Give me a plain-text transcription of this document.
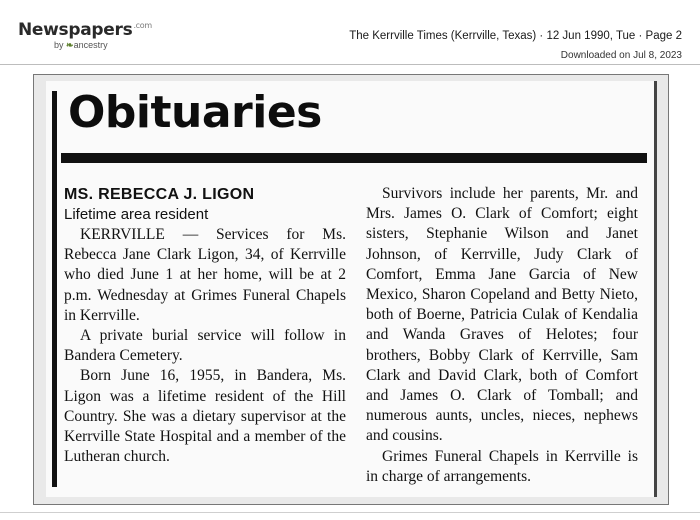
Newspapers$^{.com}$
by ❧ancestry
The Kerrville Times (Kerrville, Texas) · 12 Jun 1990, Tue · Page 2
Downloaded on Jul 8, 2023
Obituaries

MS. REBECCA J. LIGON

Lifetime area resident

KERRVILLE — Services for Ms. Rebecca Jane Clark Ligon, 34, of Kerrville who died June 1 at her home, will be at 2 p.m. Wednesday at Grimes Funeral Chapels in Kerrville.

A private burial service will follow in Bandera Cemetery.

Born June 16, 1955, in Bandera, Ms. Ligon was a lifetime resident of the Hill Country. She was a dietary supervisor at the Kerrville State Hospital and a member of the Lutheran church.

Survivors include her parents, Mr. and Mrs. James O. Clark of Comfort; eight sisters, Stephanie Wilson and Janet Johnson, of Kerrville, Judy Clark of Comfort, Emma Jane Garcia of New Mexico, Sharon Copeland and Betty Nieto, both of Boerne, Patricia Culak of Kendalia and Wanda Graves of Helotes; four brothers, Bobby Clark of Kerrville, Sam Clark and David Clark, both of Comfort and James O. Clark of Tomball; and numerous aunts, uncles, nieces, nephews and cousins.

Grimes Funeral Chapels in Kerrville is in charge of arrangements.
